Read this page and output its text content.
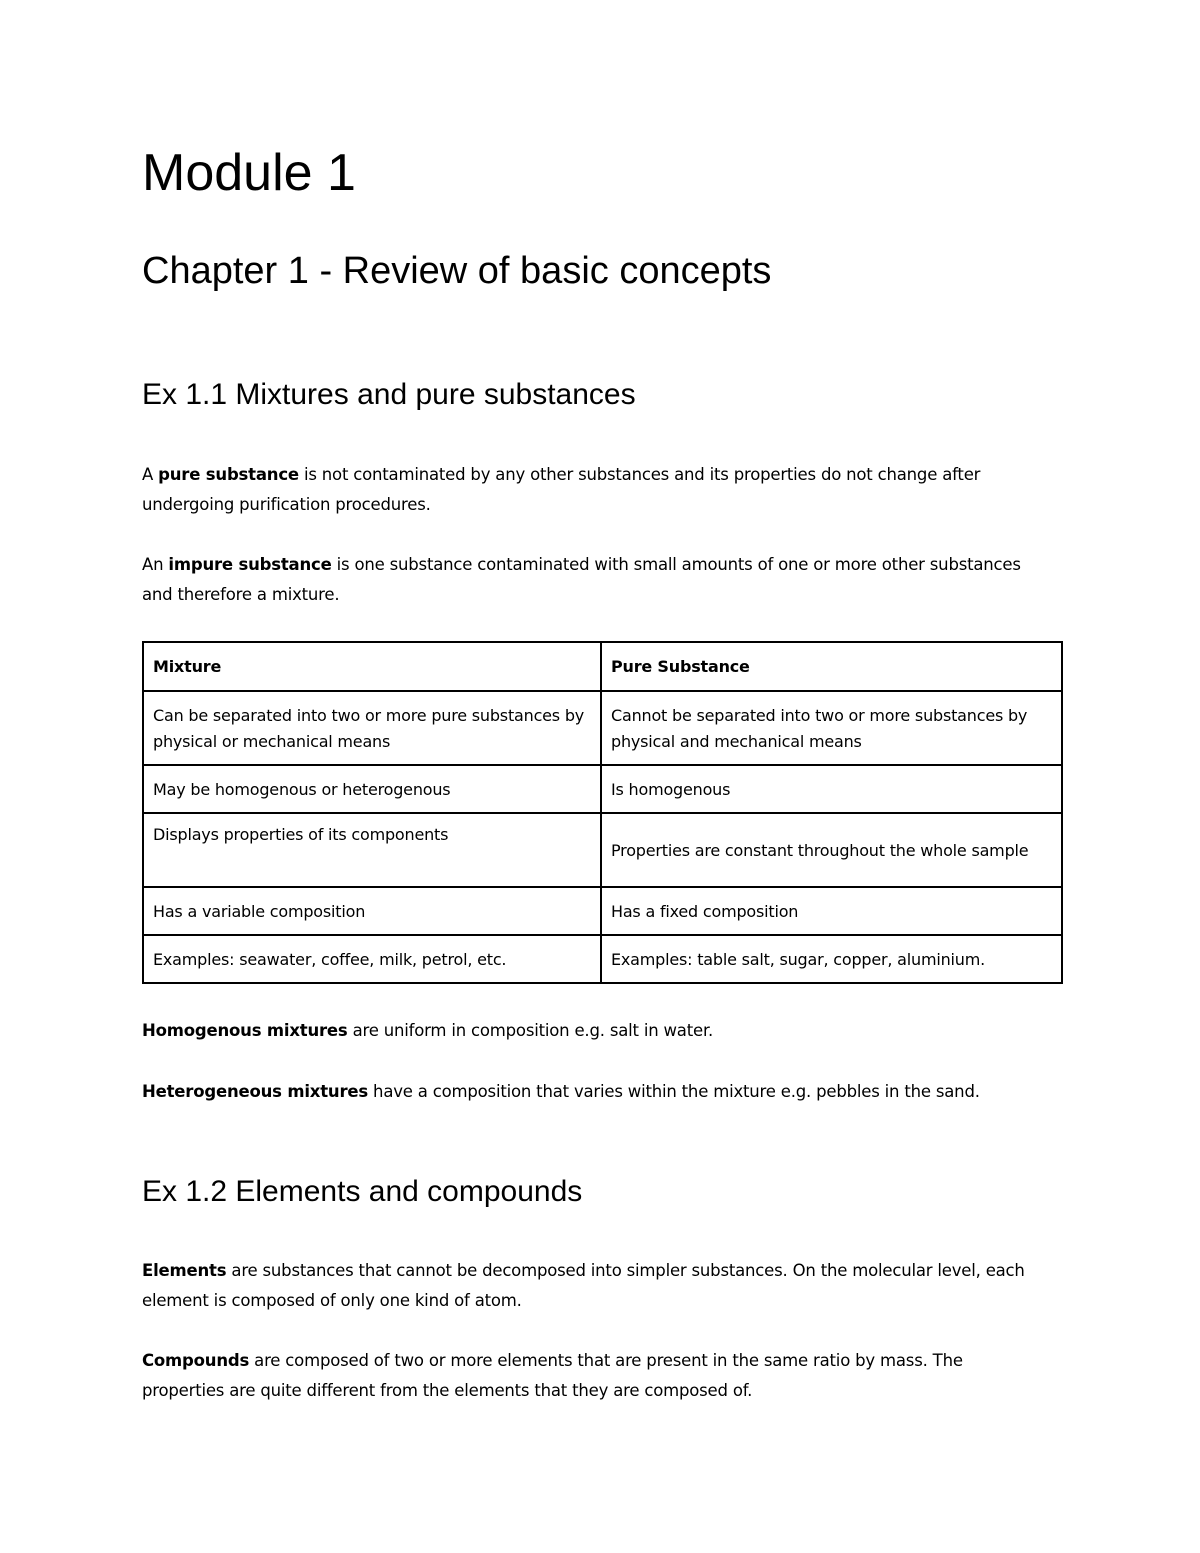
Module 1
Chapter 1 - Review of basic concepts
Ex 1.1 Mixtures and pure substances

A pure substance is not contaminated by any other substances and its properties do not change after undergoing purification procedures.

An impure substance is one substance contaminated with small amounts of one or more other substances and therefore a mixture.

Mixture	Pure Substance
Can be separated into two or more pure substances by physical or mechanical means	Cannot be separated into two or more substances by physical and mechanical means
May be homogenous or heterogenous	Is homogenous
Displays properties of its components	Properties are constant throughout the whole sample
Has a variable composition	Has a fixed composition
Examples: seawater, coffee, milk, petrol, etc.	Examples: table salt, sugar, copper, aluminium.

Homogenous mixtures are uniform in composition e.g. salt in water.

Heterogeneous mixtures have a composition that varies within the mixture e.g. pebbles in the sand.

Ex 1.2 Elements and compounds

Elements are substances that cannot be decomposed into simpler substances. On the molecular level, each element is composed of only one kind of atom.

Compounds are composed of two or more elements that are present in the same ratio by mass. The properties are quite different from the elements that they are composed of.
